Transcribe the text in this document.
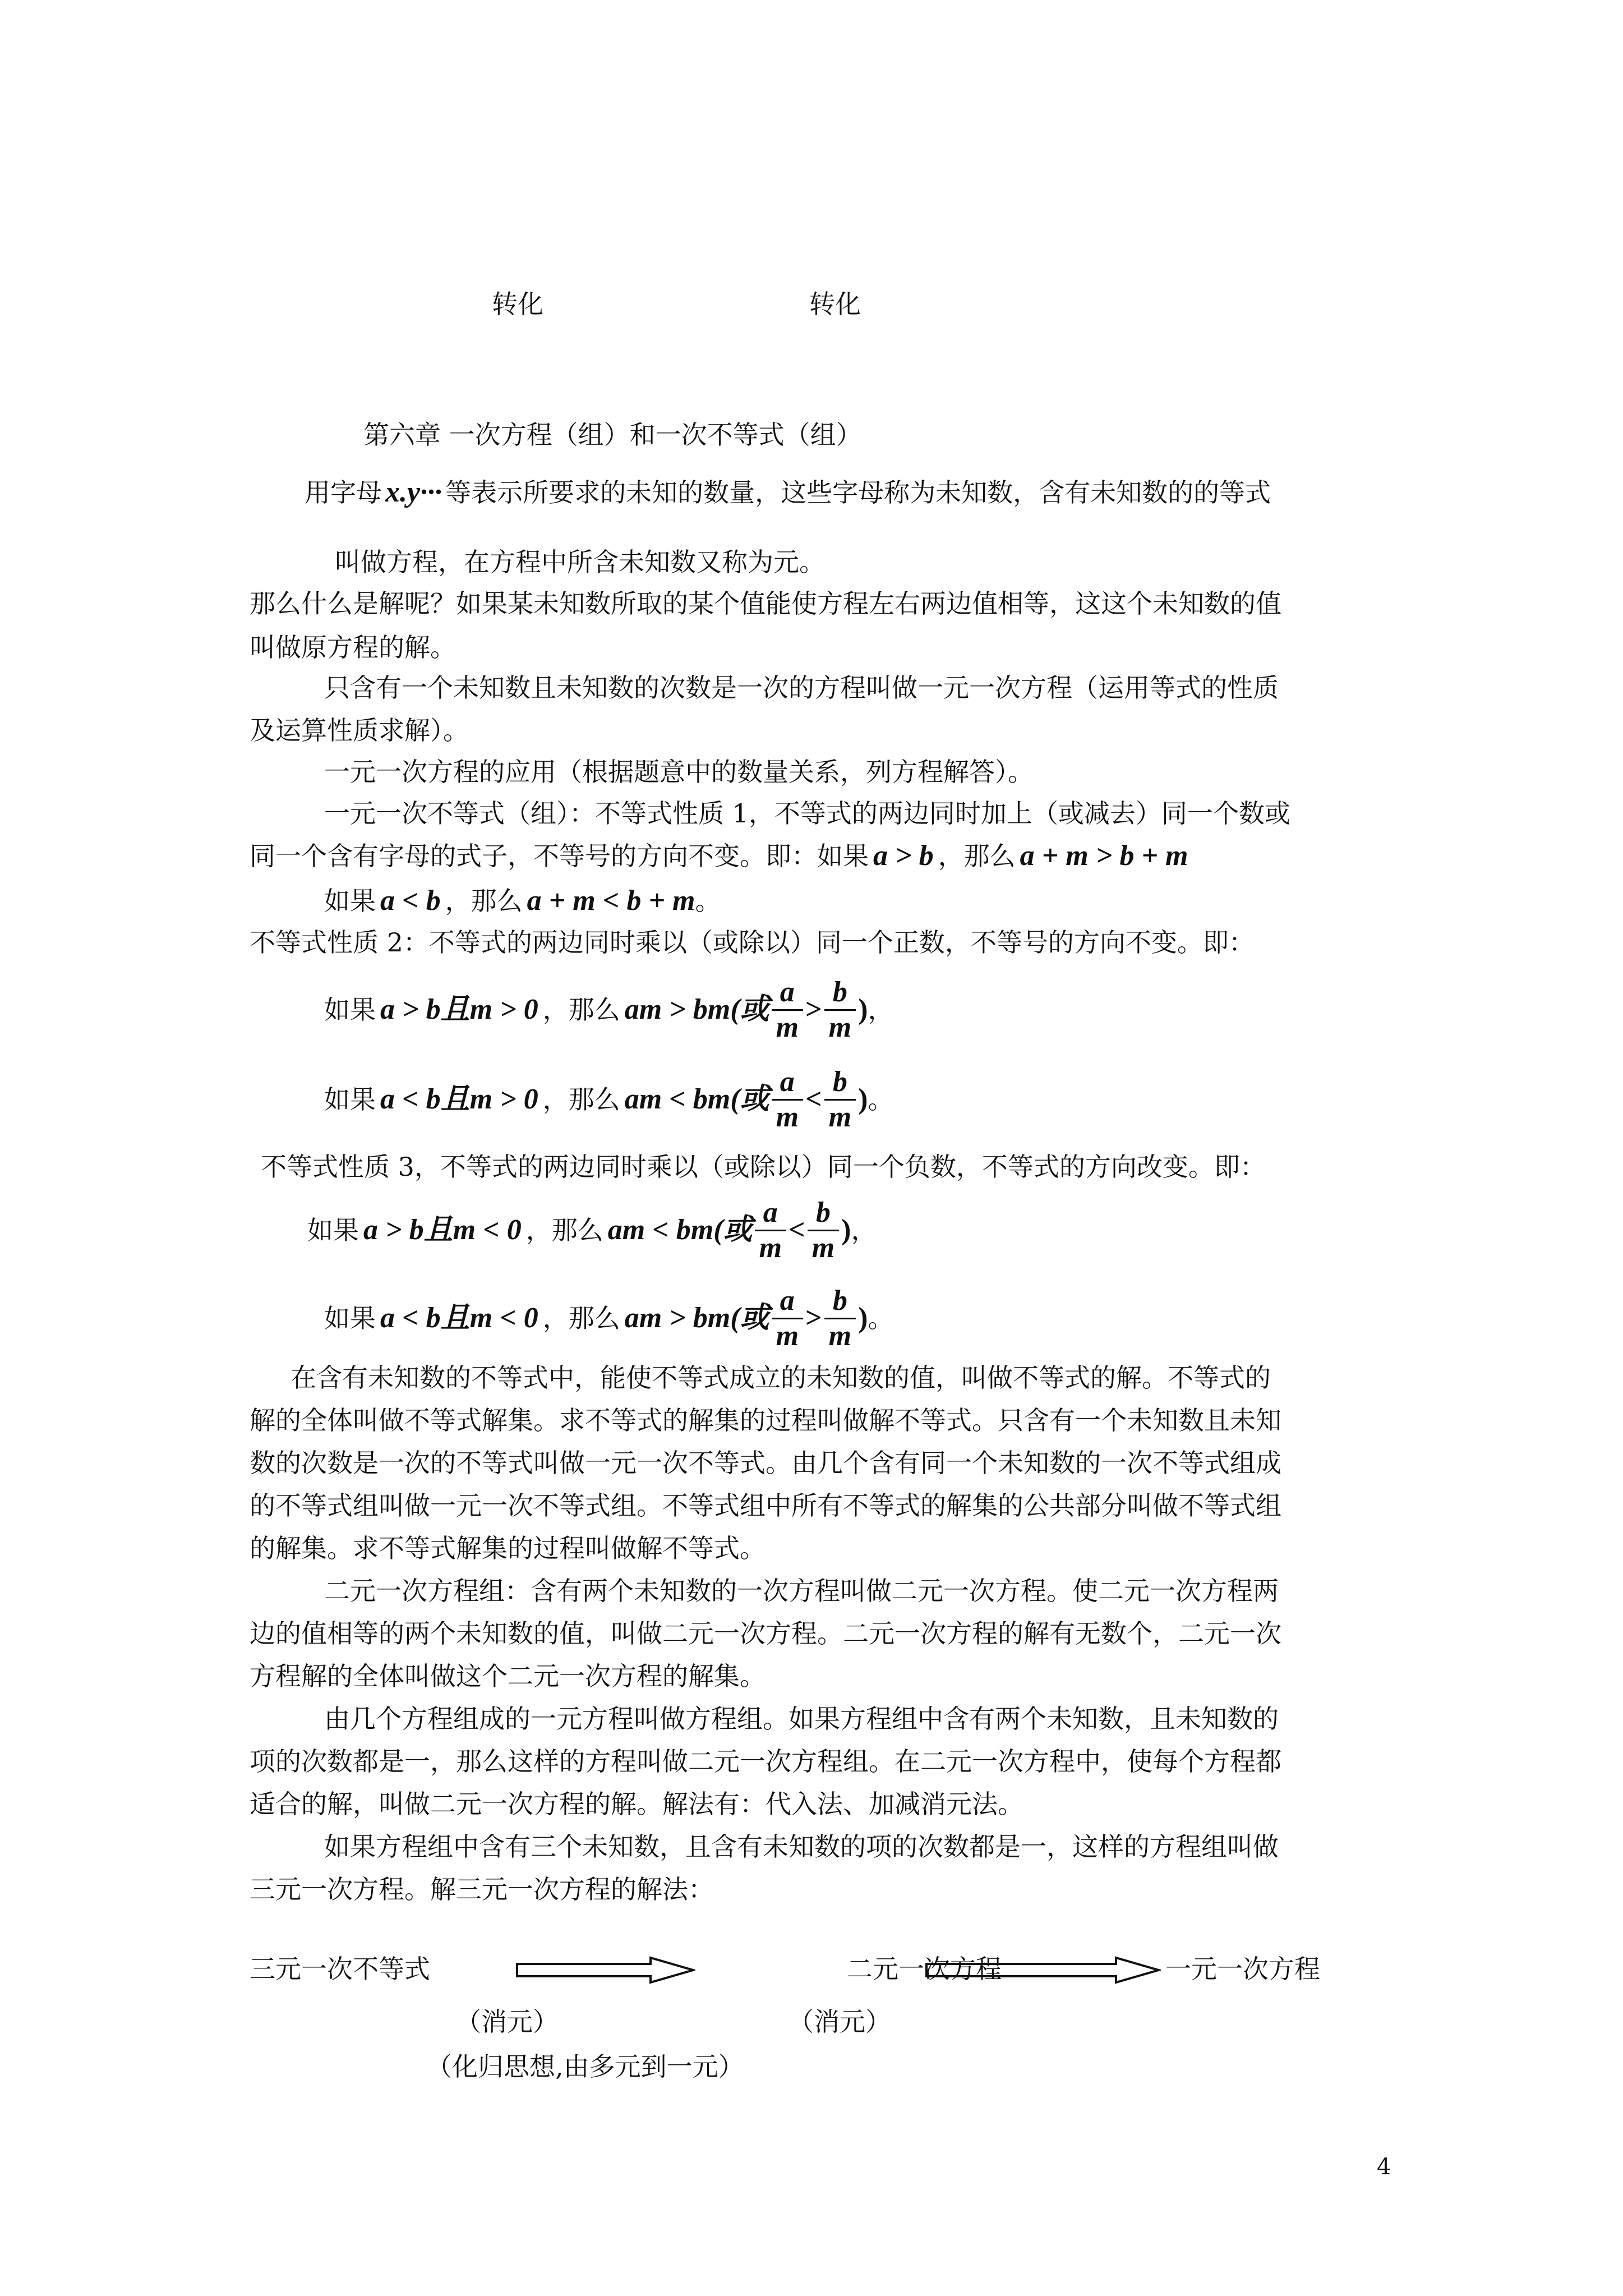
转化	转化
第六章 一次方程（组）和一次不等式（组）
用字母 x.y··· 等表示所要求的未知的数量，这些字母称为未知数，含有未知数的的等式
叫做方程，在方程中所含未知数又称为元。
那么什么是解呢？如果某未知数所取的某个值能使方程左右两边值相等，这这个未知数的值
叫做原方程的解。
只含有一个未知数且未知数的次数是一次的方程叫做一元一次方程（运用等式的性质
及运算性质求解）。
一元一次方程的应用（根据题意中的数量关系，列方程解答）。
一元一次不等式（组）：不等式性质 1，不等式的两边同时加上（或减去）同一个数或
同一个含有字母的式子，不等号的方向不变。即：如果 a > b ，那么 a + m > b + m
如果 a < b ，那么 a + m < b + m 。
不等式性质 2：不等式的两边同时乘以（或除以）同一个正数，不等号的方向不变。即：
如果 a > b且m > 0 ，那么 am > bm(或 $\frac{a}{m} > \frac{b}{m}$ ) ，
如果 a < b且m > 0 ，那么 am < bm(或 $\frac{a}{m} < \frac{b}{m}$ ) 。
不等式性质 3，不等式的两边同时乘以（或除以）同一个负数，不等式的方向改变。即：
如果 a > b且m < 0 ，那么 am < bm(或 $\frac{a}{m} < \frac{b}{m}$ ) ，
如果 a < b且m < 0 ，那么 am > bm(或 $\frac{a}{m} > \frac{b}{m}$ ) 。
在含有未知数的不等式中，能使不等式成立的未知数的值，叫做不等式的解。不等式的
解的全体叫做不等式解集。求不等式的解集的过程叫做解不等式。只含有一个未知数且未知
数的次数是一次的不等式叫做一元一次不等式。由几个含有同一个未知数的一次不等式组成
的不等式组叫做一元一次不等式组。不等式组中所有不等式的解集的公共部分叫做不等式组
的解集。求不等式解集的过程叫做解不等式。
二元一次方程组：含有两个未知数的一次方程叫做二元一次方程。使二元一次方程两
边的值相等的两个未知数的值，叫做二元一次方程。二元一次方程的解有无数个，二元一次
方程解的全体叫做这个二元一次方程的解集。
由几个方程组成的一元方程叫做方程组。如果方程组中含有两个未知数，且未知数的
项的次数都是一，那么这样的方程叫做二元一次方程组。在二元一次方程中，使每个方程都
适合的解，叫做二元一次方程的解。解法有：代入法、加减消元法。
如果方程组中含有三个未知数，且含有未知数的项的次数都是一，这样的方程组叫做
三元一次方程。解三元一次方程的解法：
三元一次不等式	二元一次方程	一元一次方程
（消元）	（消元）
（化归思想,由多元到一元）
4
